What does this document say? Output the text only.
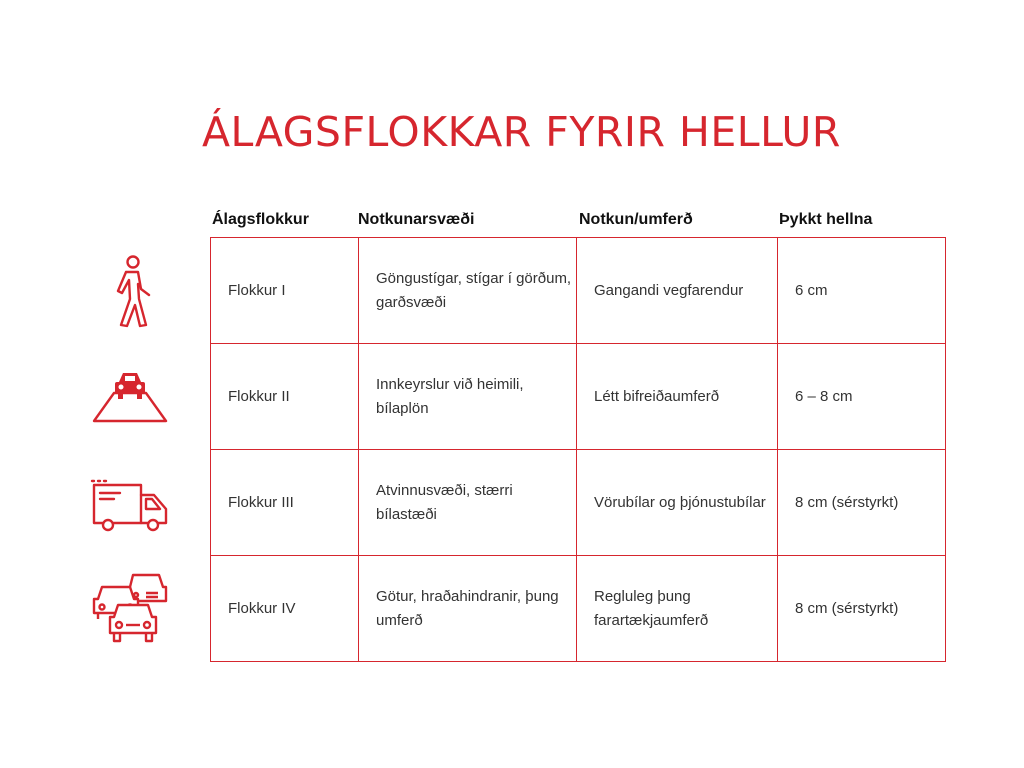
ÁLAGSFLOKKAR FYRIR HELLUR
Álagsflokkur	Notkunarsvæði	Notkun/umferð	Þykkt hellna
Flokkur I	Göngustígar, stígar í görðum, garðsvæði	Gangandi vegfarendur	6 cm
Flokkur II	Innkeyrslur við heimili, bílaplön	Létt bifreiðaumferð	6 – 8 cm
Flokkur III	Atvinnusvæði, stærri bílastæði	Vörubílar og þjónustubílar	8 cm (sérstyrkt)
Flokkur IV	Götur, hraðahindranir, þung umferð	Regluleg þung farartækjaumferð	8 cm (sérstyrkt)
